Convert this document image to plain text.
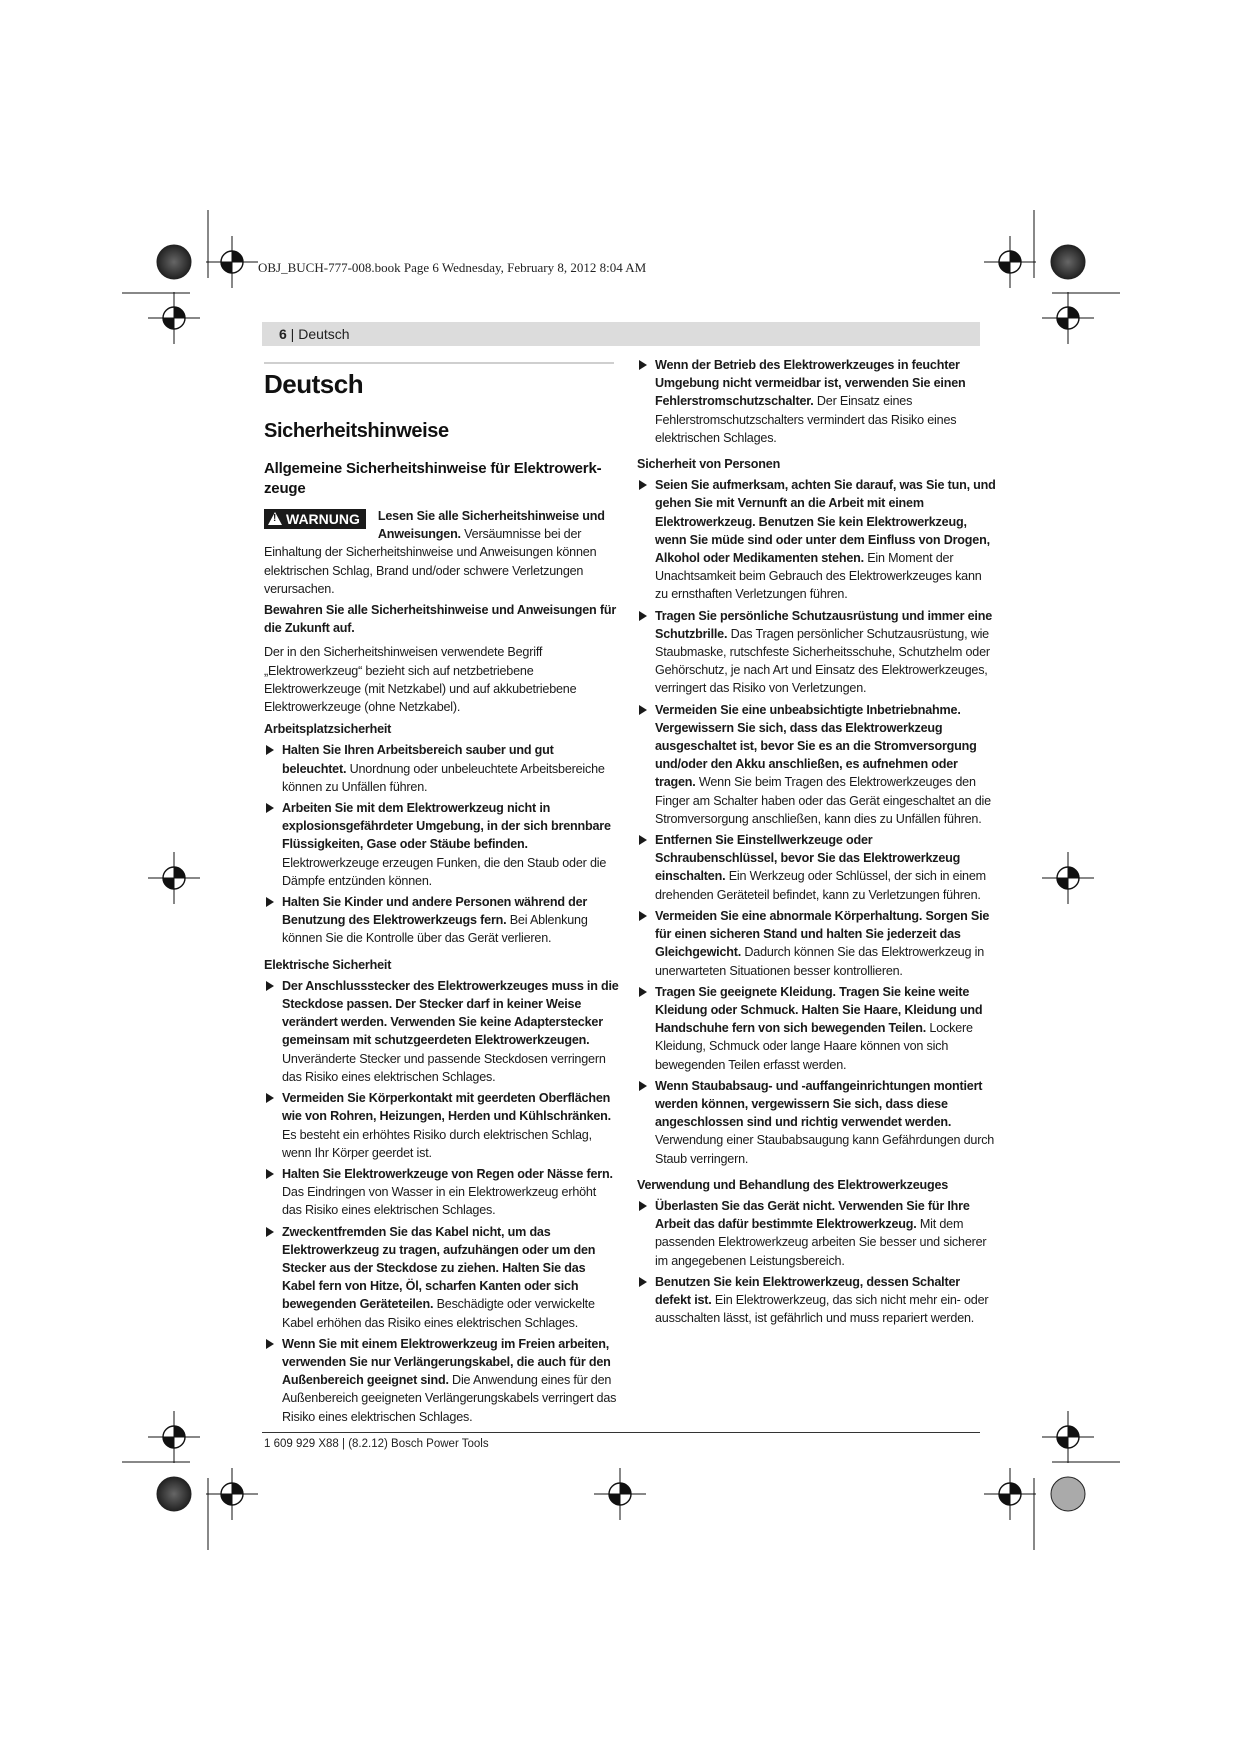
OBJ_BUCH-777-008.book Page 6 Wednesday, February 8, 2012 8:04 AM
6 | Deutsch
Deutsch
Sicherheitshinweise
Allgemeine Sicherheitshinweise für Elektrowerk-zeuge
!WARNUNG	Lesen Sie alle Sicherheitshinweise und Anweisungen. Versäumnisse bei der Einhaltung der Sicherheitshinweise und Anweisungen können elektrischen Schlag, Brand und/oder schwere Verletzungen verursachen.

Bewahren Sie alle Sicherheitshinweise und Anweisungen für die Zukunft auf.

Der in den Sicherheitshinweisen verwendete Begriff „Elektrowerkzeug“ bezieht sich auf netzbetriebene Elektrowerkzeuge (mit Netzkabel) und auf akkubetriebene Elektrowerkzeuge (ohne Netzkabel).

Arbeitsplatzsicherheit
Halten Sie Ihren Arbeitsbereich sauber und gut beleuchtet. Unordnung oder unbeleuchtete Arbeitsbereiche können zu Unfällen führen.
Arbeiten Sie mit dem Elektrowerkzeug nicht in explosionsgefährdeter Umgebung, in der sich brennbare Flüssigkeiten, Gase oder Stäube befinden. Elektrowerkzeuge erzeugen Funken, die den Staub oder die Dämpfe entzünden können.
Halten Sie Kinder und andere Personen während der Benutzung des Elektrowerkzeugs fern. Bei Ablenkung können Sie die Kontrolle über das Gerät verlieren.
Elektrische Sicherheit
Der Anschlussstecker des Elektrowerkzeuges muss in die Steckdose passen. Der Stecker darf in keiner Weise verändert werden. Verwenden Sie keine Adapterstecker gemeinsam mit schutzgeerdeten Elektrowerkzeugen. Unveränderte Stecker und passende Steckdosen verringern das Risiko eines elektrischen Schlages.
Vermeiden Sie Körperkontakt mit geerdeten Oberflächen wie von Rohren, Heizungen, Herden und Kühlschränken. Es besteht ein erhöhtes Risiko durch elektrischen Schlag, wenn Ihr Körper geerdet ist.
Halten Sie Elektrowerkzeuge von Regen oder Nässe fern. Das Eindringen von Wasser in ein Elektrowerkzeug erhöht das Risiko eines elektrischen Schlages.
Zweckentfremden Sie das Kabel nicht, um das Elektrowerkzeug zu tragen, aufzuhängen oder um den Stecker aus der Steckdose zu ziehen. Halten Sie das Kabel fern von Hitze, Öl, scharfen Kanten oder sich bewegenden Geräteteilen. Beschädigte oder verwickelte Kabel erhöhen das Risiko eines elektrischen Schlages.
Wenn Sie mit einem Elektrowerkzeug im Freien arbeiten, verwenden Sie nur Verlängerungskabel, die auch für den Außenbereich geeignet sind. Die Anwendung eines für den Außenbereich geeigneten Verlängerungskabels verringert das Risiko eines elektrischen Schlages.
Wenn der Betrieb des Elektrowerkzeuges in feuchter Umgebung nicht vermeidbar ist, verwenden Sie einen Fehlerstromschutzschalter. Der Einsatz eines Fehlerstromschutzschalters vermindert das Risiko eines elektrischen Schlages.
Sicherheit von Personen
Seien Sie aufmerksam, achten Sie darauf, was Sie tun, und gehen Sie mit Vernunft an die Arbeit mit einem Elektrowerkzeug. Benutzen Sie kein Elektrowerkzeug, wenn Sie müde sind oder unter dem Einfluss von Drogen, Alkohol oder Medikamenten stehen. Ein Moment der Unachtsamkeit beim Gebrauch des Elektrowerkzeuges kann zu ernsthaften Verletzungen führen.
Tragen Sie persönliche Schutzausrüstung und immer eine Schutzbrille. Das Tragen persönlicher Schutzausrüstung, wie Staubmaske, rutschfeste Sicherheitsschuhe, Schutzhelm oder Gehörschutz, je nach Art und Einsatz des Elektrowerkzeuges, verringert das Risiko von Verletzungen.
Vermeiden Sie eine unbeabsichtigte Inbetriebnahme. Vergewissern Sie sich, dass das Elektrowerkzeug ausgeschaltet ist, bevor Sie es an die Stromversorgung und/oder den Akku anschließen, es aufnehmen oder tragen. Wenn Sie beim Tragen des Elektrowerkzeuges den Finger am Schalter haben oder das Gerät eingeschaltet an die Stromversorgung anschließen, kann dies zu Unfällen führen.
Entfernen Sie Einstellwerkzeuge oder Schraubenschlüssel, bevor Sie das Elektrowerkzeug einschalten. Ein Werkzeug oder Schlüssel, der sich in einem drehenden Geräteteil befindet, kann zu Verletzungen führen.
Vermeiden Sie eine abnormale Körperhaltung. Sorgen Sie für einen sicheren Stand und halten Sie jederzeit das Gleichgewicht. Dadurch können Sie das Elektrowerkzeug in unerwarteten Situationen besser kontrollieren.
Tragen Sie geeignete Kleidung. Tragen Sie keine weite Kleidung oder Schmuck. Halten Sie Haare, Kleidung und Handschuhe fern von sich bewegenden Teilen. Lockere Kleidung, Schmuck oder lange Haare können von sich bewegenden Teilen erfasst werden.
Wenn Staubabsaug- und -auffangeinrichtungen montiert werden können, vergewissern Sie sich, dass diese angeschlossen sind und richtig verwendet werden. Verwendung einer Staubabsaugung kann Gefährdungen durch Staub verringern.
Verwendung und Behandlung des Elektrowerkzeuges
Überlasten Sie das Gerät nicht. Verwenden Sie für Ihre Arbeit das dafür bestimmte Elektrowerkzeug. Mit dem passenden Elektrowerkzeug arbeiten Sie besser und sicherer im angegebenen Leistungsbereich.
Benutzen Sie kein Elektrowerkzeug, dessen Schalter defekt ist. Ein Elektrowerkzeug, das sich nicht mehr ein- oder ausschalten lässt, ist gefährlich und muss repariert werden.
1 609 929 X88 | (8.2.12) Bosch Power Tools
